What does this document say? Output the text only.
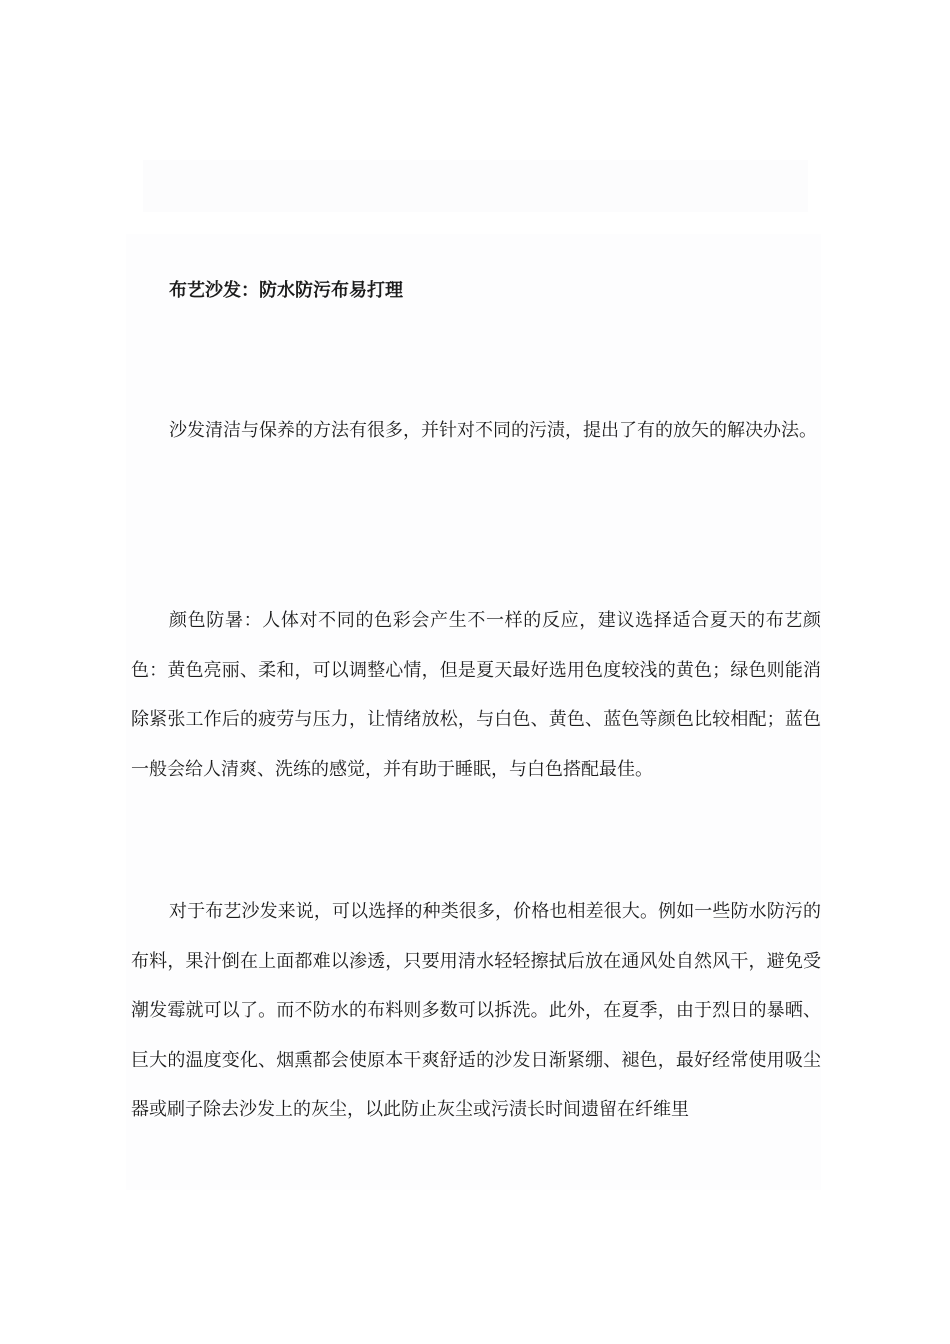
布艺沙发：防水防污布易打理

沙发清洁与保养的方法有很多，并针对不同的污渍，提出了有的放矢的解决办法。

颜色防暑：人体对不同的色彩会产生不一样的反应，建议选择适合夏天的布艺颜色：黄色亮丽、柔和，可以调整心情，但是夏天最好选用色度较浅的黄色；绿色则能消除紧张工作后的疲劳与压力，让情绪放松，与白色、黄色、蓝色等颜色比较相配；蓝色一般会给人清爽、洗练的感觉，并有助于睡眠，与白色搭配最佳。

对于布艺沙发来说，可以选择的种类很多，价格也相差很大。例如一些防水防污的布料，果汁倒在上面都难以渗透，只要用清水轻轻擦拭后放在通风处自然风干，避免受潮发霉就可以了。而不防水的布料则多数可以拆洗。此外，在夏季，由于烈日的暴晒、巨大的温度变化、烟熏都会使原本干爽舒适的沙发日渐紧绷、褪色，最好经常使用吸尘器或刷子除去沙发上的灰尘，以此防止灰尘或污渍长时间遗留在纤维里
